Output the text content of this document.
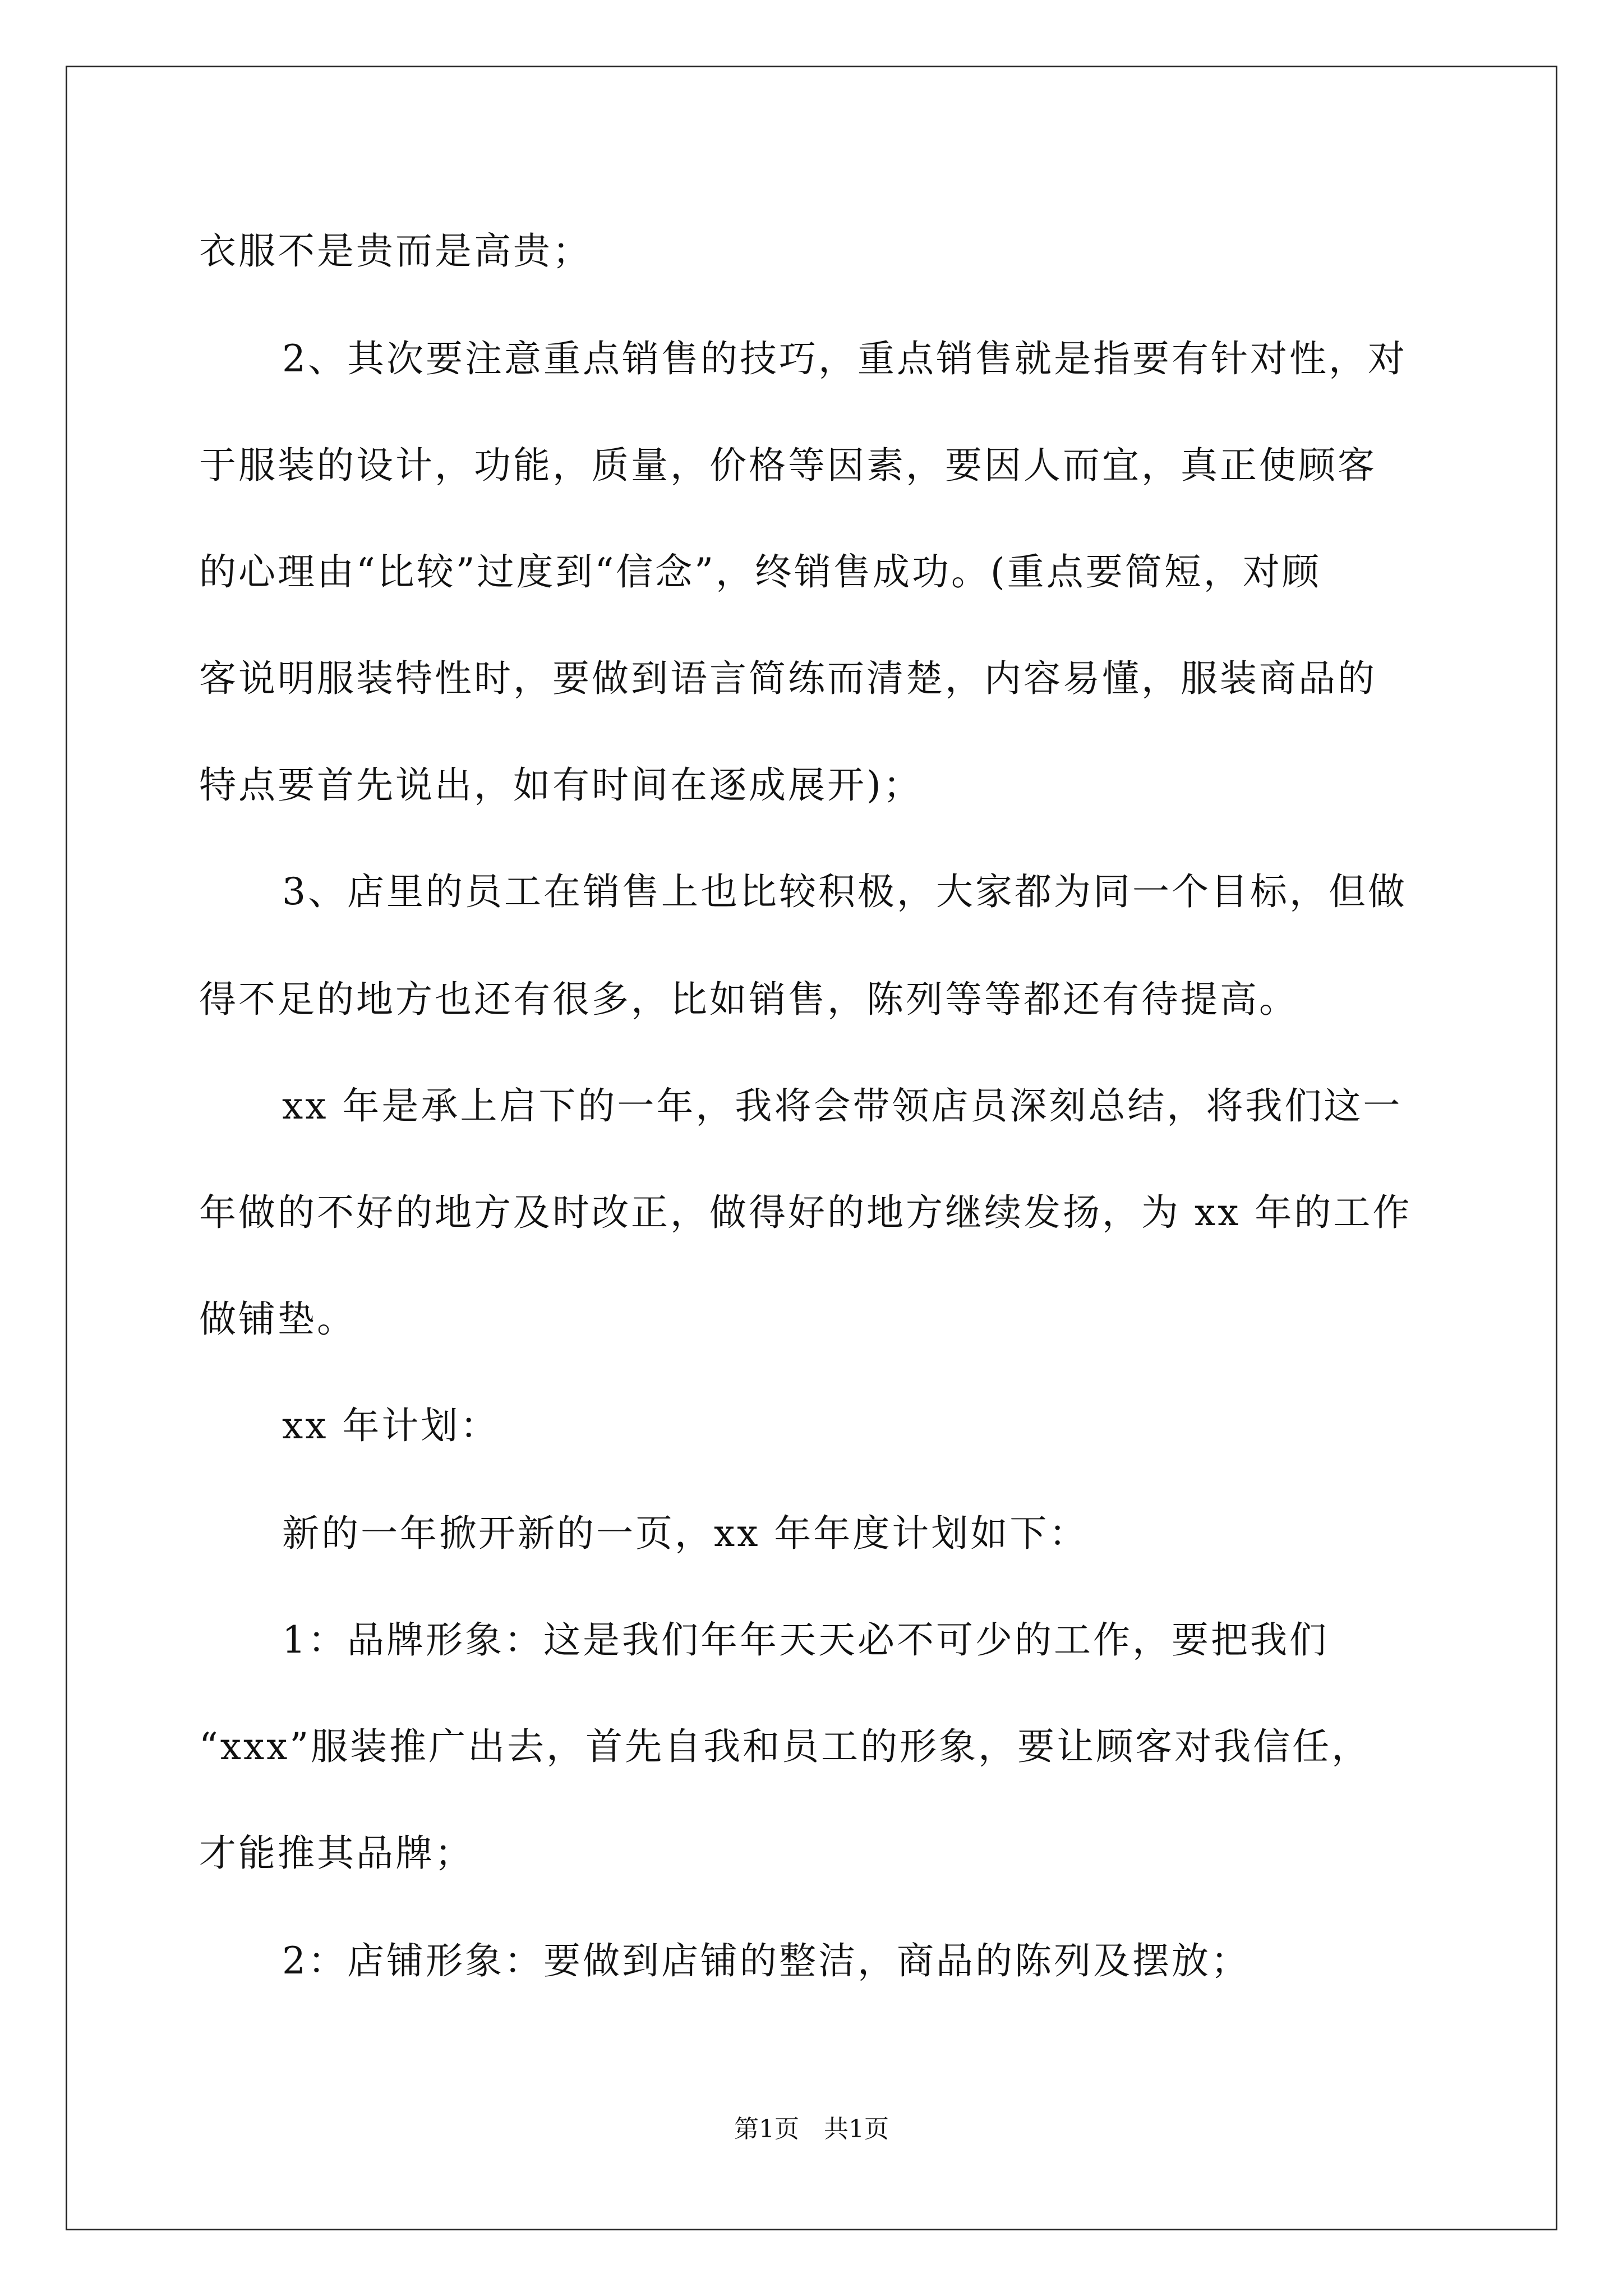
衣服不是贵而是高贵；
2、其次要注意重点销售的技巧，重点销售就是指要有针对性，对
于服装的设计，功能，质量，价格等因素，要因人而宜，真正使顾客
的心理由“比较”过度到“信念”，终销售成功。(重点要简短，对顾
客说明服装特性时，要做到语言简练而清楚，内容易懂，服装商品的
特点要首先说出，如有时间在逐成展开)；
3、店里的员工在销售上也比较积极，大家都为同一个目标，但做
得不足的地方也还有很多，比如销售，陈列等等都还有待提高。
xx 年是承上启下的一年，我将会带领店员深刻总结，将我们这一
年做的不好的地方及时改正，做得好的地方继续发扬，为 xx 年的工作
做铺垫。
xx 年计划：
新的一年掀开新的一页，xx 年年度计划如下：
1：品牌形象：这是我们年年天天必不可少的工作，要把我们
“xxx”服装推广出去，首先自我和员工的形象，要让顾客对我信任，
才能推其品牌；
2：店铺形象：要做到店铺的整洁，商品的陈列及摆放；
第1页　共1页
